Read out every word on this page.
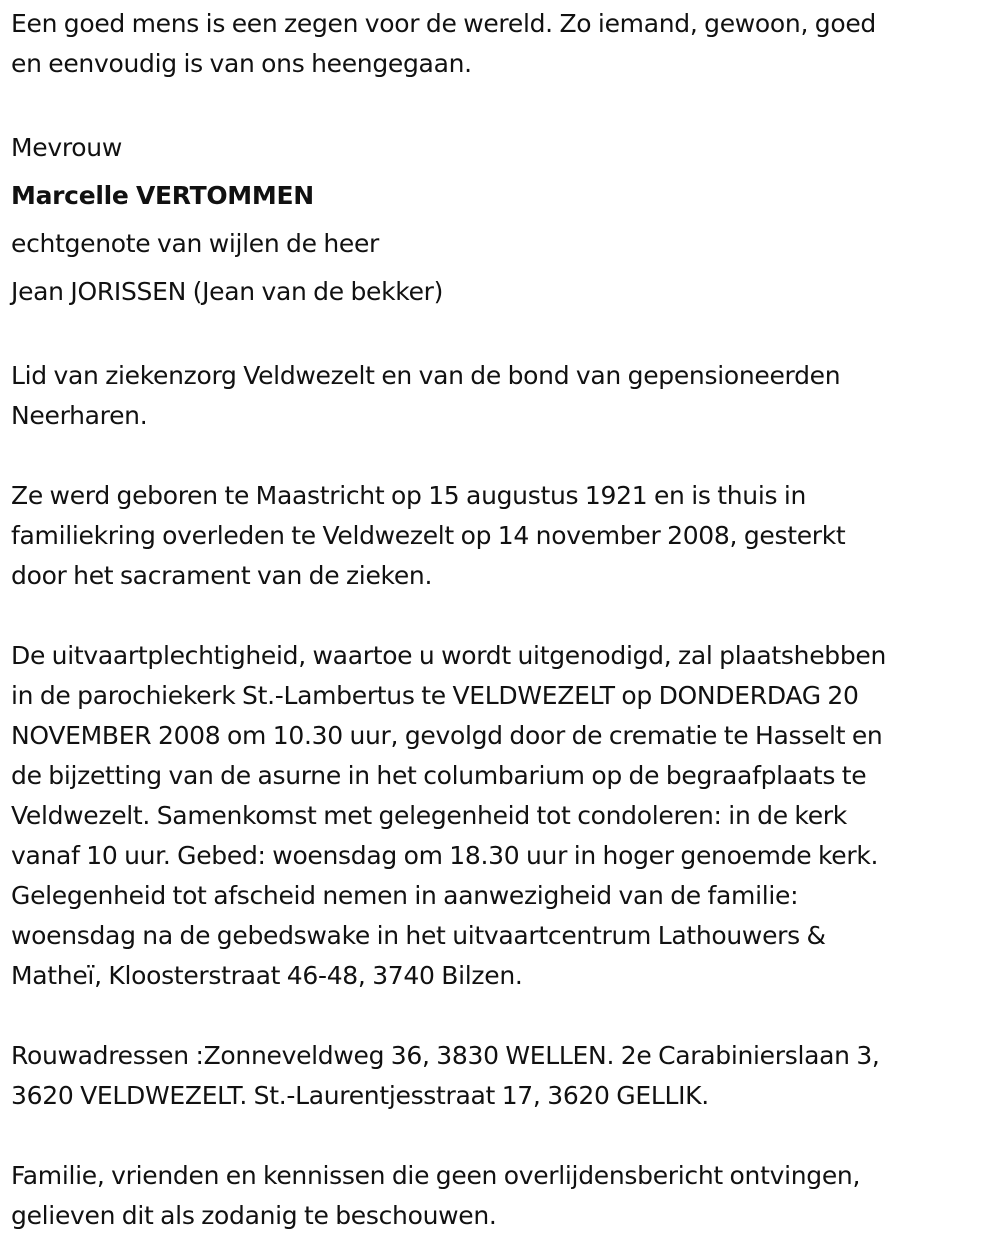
Een goed mens is een zegen voor de wereld. Zo iemand, gewoon, goed
en eenvoudig is van ons heengegaan.
Mevrouw
Marcelle VERTOMMEN
echtgenote van wijlen de heer
Jean JORISSEN (Jean van de bekker)
Lid van ziekenzorg Veldwezelt en van de bond van gepensioneerden
Neerharen.
Ze werd geboren te Maastricht op 15 augustus 1921 en is thuis in
familiekring overleden te Veldwezelt op 14 november 2008, gesterkt
door het sacrament van de zieken.
De uitvaartplechtigheid, waartoe u wordt uitgenodigd, zal plaatshebben
in de parochiekerk St.-Lambertus te VELDWEZELT op DONDERDAG 20
NOVEMBER 2008 om 10.30 uur, gevolgd door de crematie te Hasselt en
de bijzetting van de asurne in het columbarium op de begraafplaats te
Veldwezelt. Samenkomst met gelegenheid tot condoleren: in de kerk
vanaf 10 uur. Gebed: woensdag om 18.30 uur in hoger genoemde kerk.
Gelegenheid tot afscheid nemen in aanwezigheid van de familie:
woensdag na de gebedswake in het uitvaartcentrum Lathouwers &
Matheï, Kloosterstraat 46-48, 3740 Bilzen.
Rouwadressen :Zonneveldweg 36, 3830 WELLEN. 2e Carabinierslaan 3,
3620 VELDWEZELT. St.-Laurentjesstraat 17, 3620 GELLIK.
Familie, vrienden en kennissen die geen overlijdensbericht ontvingen,
gelieven dit als zodanig te beschouwen.
